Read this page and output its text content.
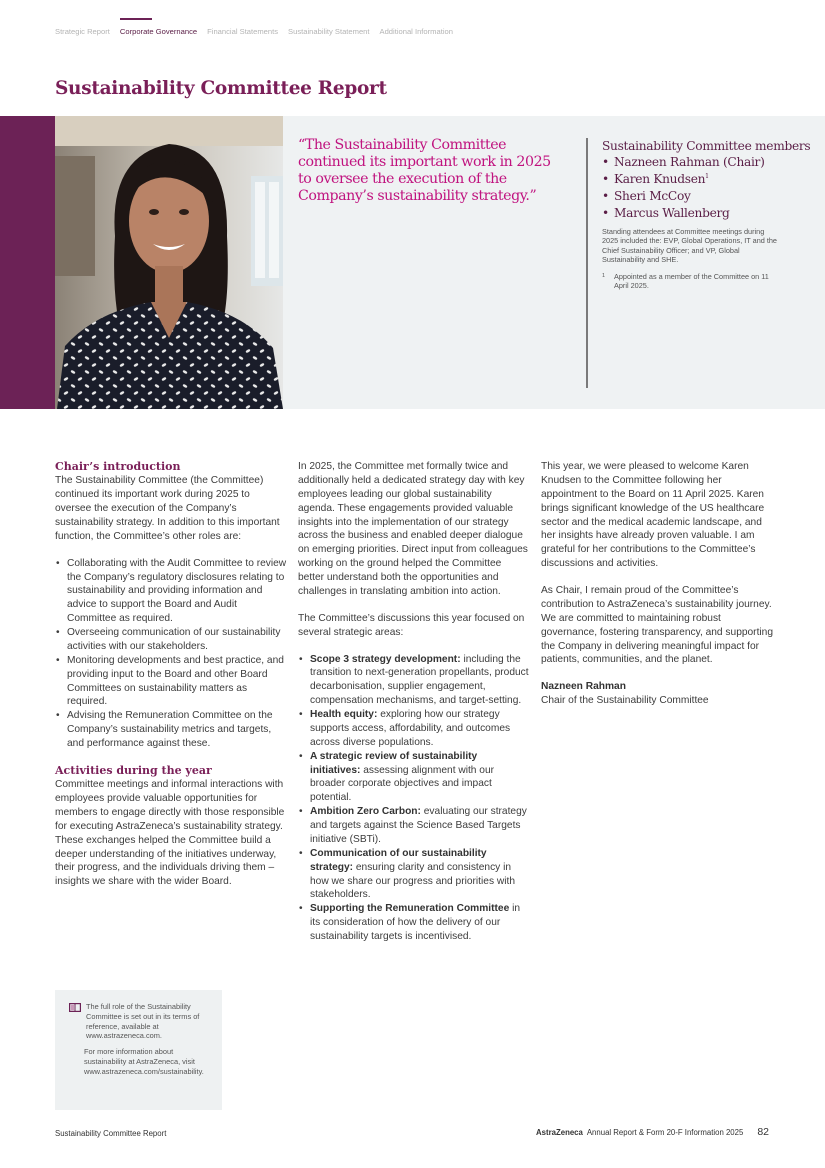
Strategic Report Corporate Governance Financial Statements Sustainability Statement Additional Information
Sustainability Committee Report
“The Sustainability Committee continued its important work in 2025 to oversee the execution of the Company’s sustainability strategy.”
Sustainability Committee members
• Nazneen Rahman (Chair)
• Karen Knudsen$^1$
• Sheri McCoy
• Marcus Wallenberg

Standing attendees at Committee meetings during 2025 included the: EVP, Global Operations, IT and the Chief Sustainability Officer; and VP, Global Sustainability and SHE.

1	Appointed as a member of the Committee on 11 April 2025.
Chair’s introduction

The Sustainability Committee (the Committee) continued its important work during 2025 to oversee the execution of the Company’s sustainability strategy. In addition to this important function, the Committee’s other roles are:

• Collaborating with the Audit Committee to review the Company’s regulatory disclosures relating to sustainability and providing information and advice to support the Board and Audit Committee as required.
• Overseeing communication of our sustainability activities with our stakeholders.
• Monitoring developments and best practice, and providing input to the Board and other Board Committees on sustainability matters as required.
• Advising the Remuneration Committee on the Company’s sustainability metrics and targets, and performance against these.
Activities during the year

Committee meetings and informal interactions with employees provide valuable opportunities for members to engage directly with those responsible for executing AstraZeneca’s sustainability strategy. These exchanges helped the Committee build a deeper understanding of the initiatives underway, their progress, and the individuals driving them – insights we share with the wider Board.

The full role of the Sustainability Committee is set out in its terms of reference, available at www.astrazeneca.com.

For more information about sustainability at AstraZeneca, visit www.astrazeneca.com/sustainability.

In 2025, the Committee met formally twice and additionally held a dedicated strategy day with key employees leading our global sustainability agenda. These engagements provided valuable insights into the implementation of our strategy across the business and enabled deeper dialogue on emerging priorities. Direct input from colleagues working on the ground helped the Committee better understand both the opportunities and challenges in translating ambition into action.

The Committee’s discussions this year focused on several strategic areas:

• Scope 3 strategy development: including the transition to next-generation propellants, product decarbonisation, supplier engagement, compensation mechanisms, and target-setting.
• Health equity: exploring how our strategy supports access, affordability, and outcomes across diverse populations.
• A strategic review of sustainability initiatives: assessing alignment with our broader corporate objectives and impact potential.
• Ambition Zero Carbon: evaluating our strategy and targets against the Science Based Targets initiative (SBTi).
• Communication of our sustainability strategy: ensuring clarity and consistency in how we share our progress and priorities with stakeholders.
• Supporting the Remuneration Committee in its consideration of how the delivery of our sustainability targets is incentivised.

This year, we were pleased to welcome Karen Knudsen to the Committee following her appointment to the Board on 11 April 2025. Karen brings significant knowledge of the US healthcare sector and the medical academic landscape, and her insights have already proven valuable. I am grateful for her contributions to the Committee’s discussions and activities.

As Chair, I remain proud of the Committee’s contribution to AstraZeneca’s sustainability journey. We are committed to maintaining robust governance, fostering transparency, and supporting the Company in delivering meaningful impact for patients, communities, and the planet.

Nazneen Rahman

Chair of the Sustainability Committee

Sustainability Committee Report	AstraZeneca Annual Report & Form 20-F Information 2025 82
